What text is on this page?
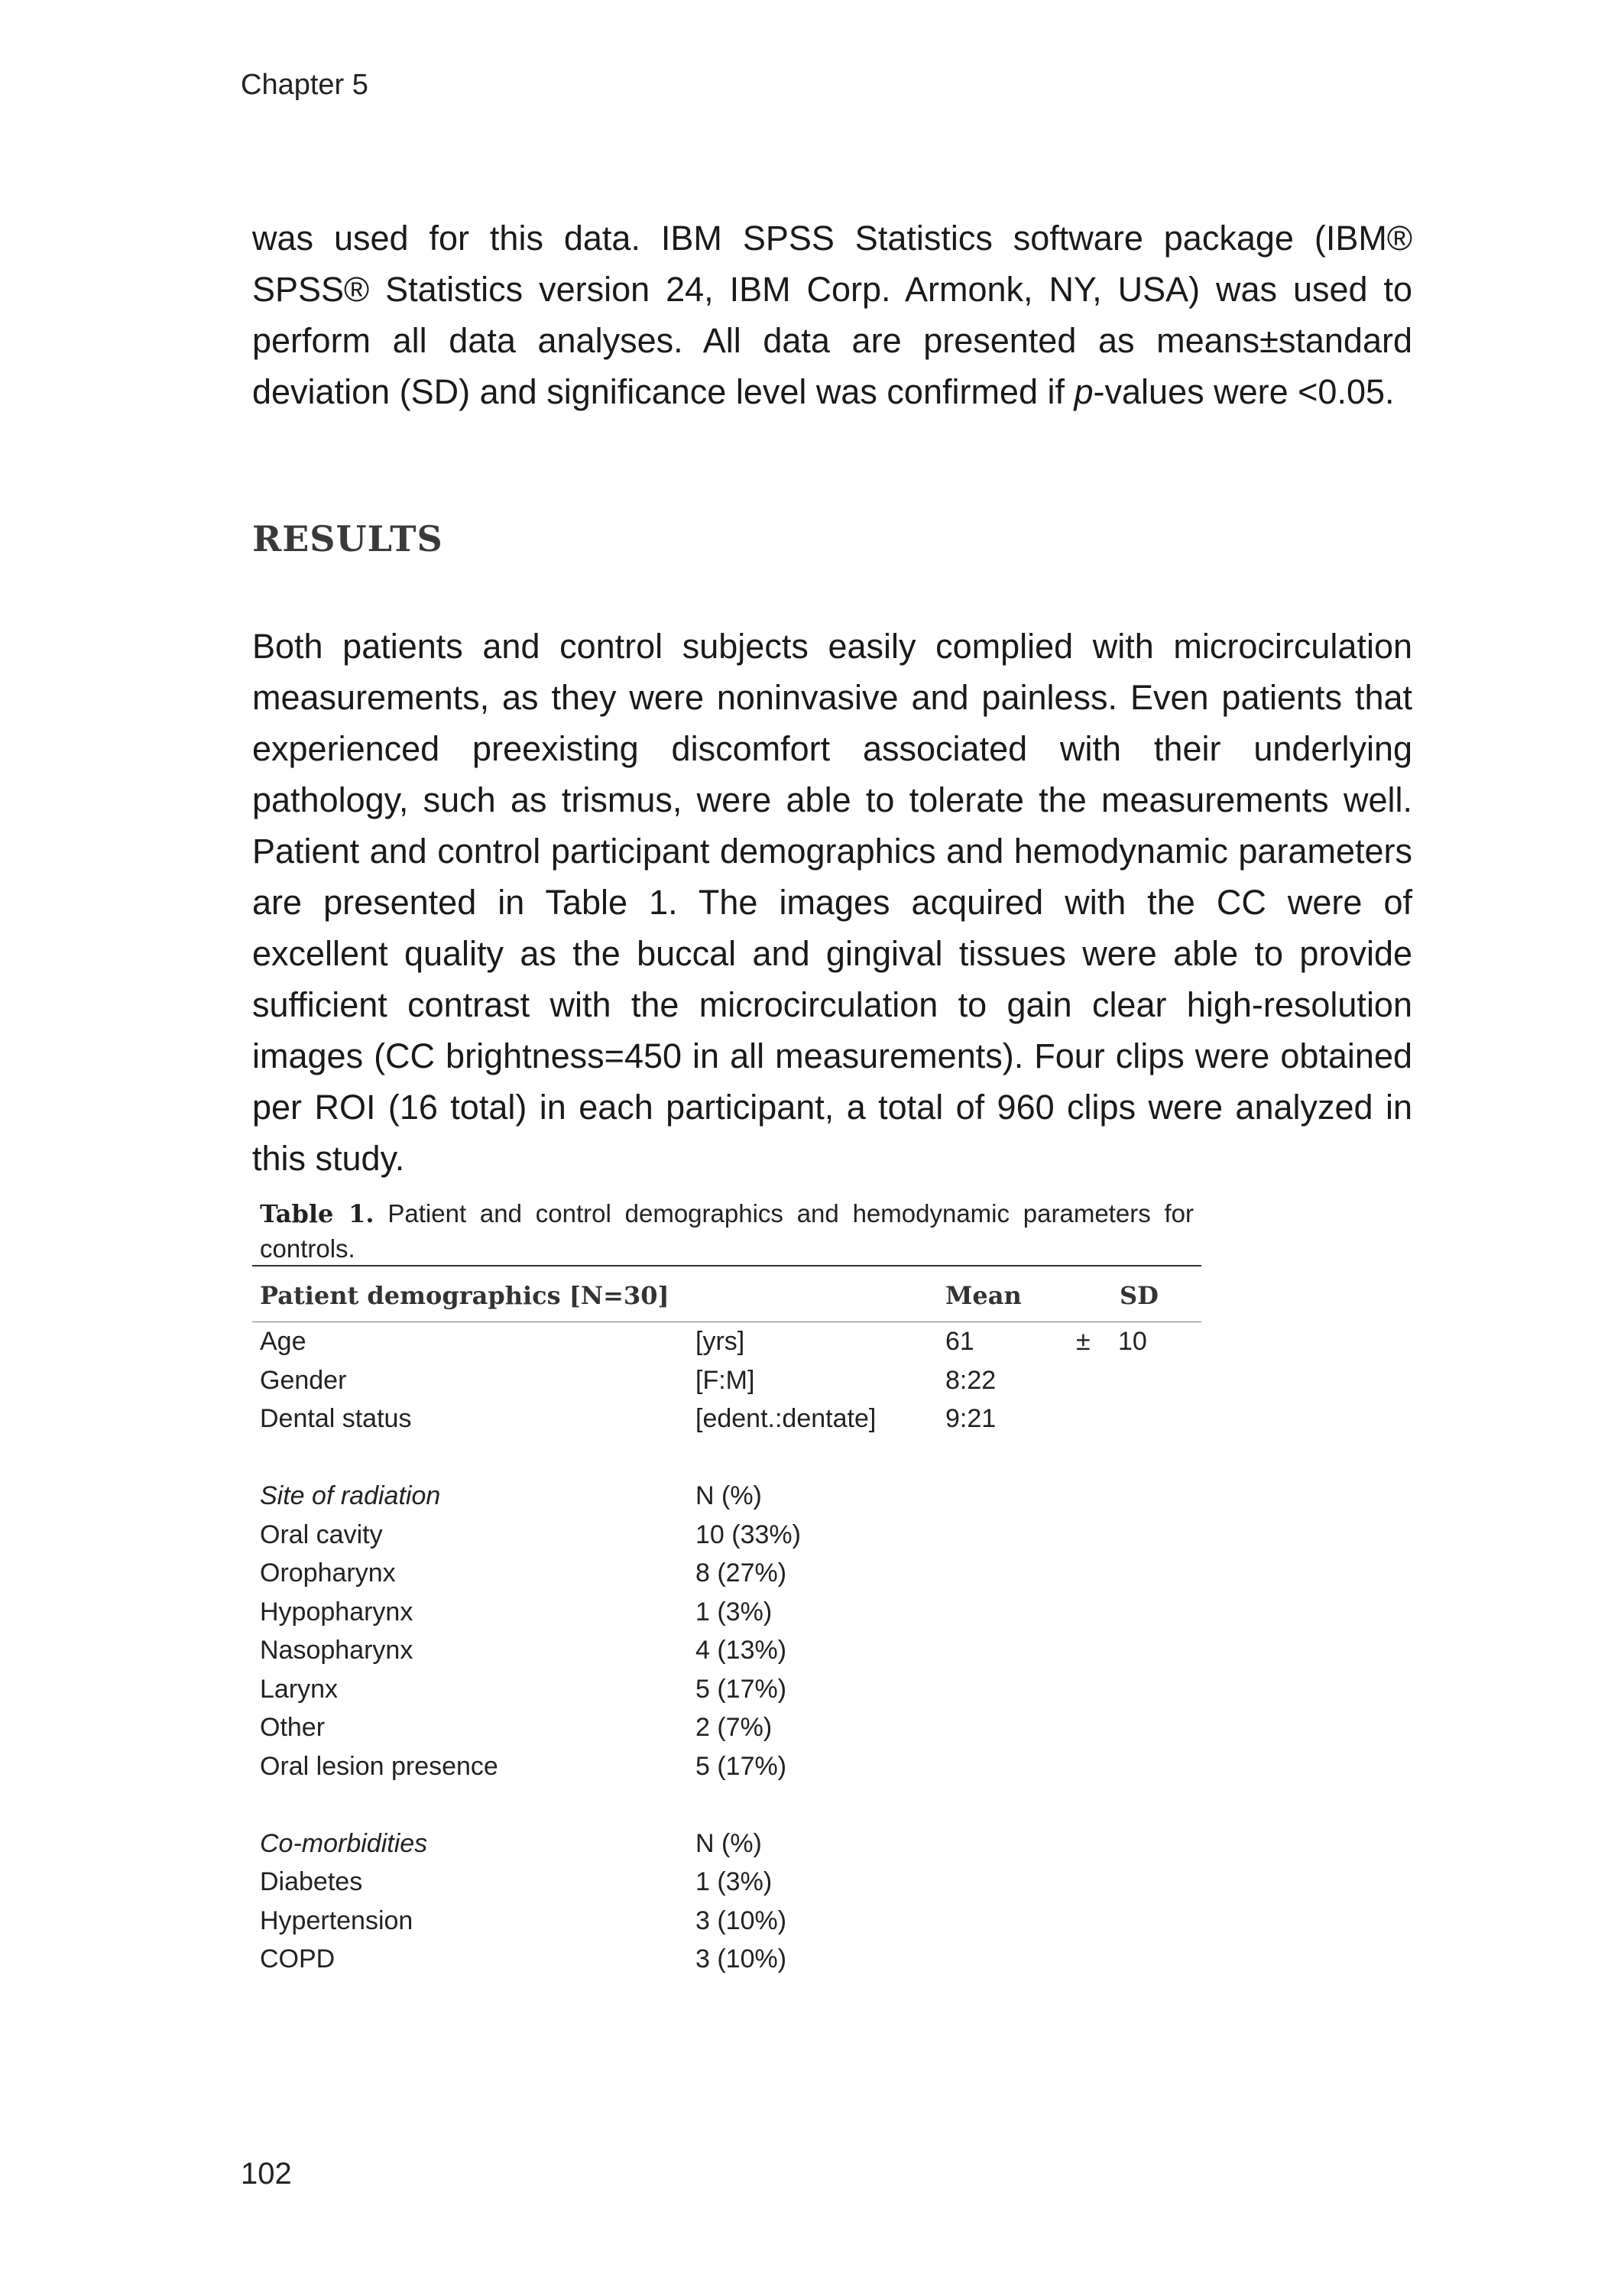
Chapter 5
was used for this data. IBM SPSS Statistics software package (IBM® SPSS® Statistics version 24, IBM Corp. Armonk, NY, USA) was used to perform all data analyses. All data are presented as means±standard deviation (SD) and significance level was confirmed if p-values were <0.05.
RESULTS
Both patients and control subjects easily complied with microcirculation measurements, as they were noninvasive and painless. Even patients that experienced preexisting discomfort associated with their underlying pathology, such as trismus, were able to tolerate the measurements well. Patient and control participant demographics and hemodynamic parameters are presented in Table 1. The images acquired with the CC were of excellent quality as the buccal and gingival tissues were able to provide sufficient contrast with the microcirculation to gain clear high-resolution images (CC brightness=450 in all measurements). Four clips were obtained per ROI (16 total) in each participant, a total of 960 clips were analyzed in this study.
Table 1. Patient and control demographics and hemodynamic parameters for controls.
Patient demographics [N=30]	Mean	SD
Age	[yrs]	61	± 10
Gender	[F:M]	8:22
Dental status	[edent.:dentate]	9:21
Site of radiation	N (%)
Oral cavity	10 (33%)
Oropharynx	8 (27%)
Hypopharynx	1 (3%)
Nasopharynx	4 (13%)
Larynx	5 (17%)
Other	2 (7%)
Oral lesion presence	5 (17%)
Co-morbidities	N (%)
Diabetes	1 (3%)
Hypertension	3 (10%)
COPD	3 (10%)
102
